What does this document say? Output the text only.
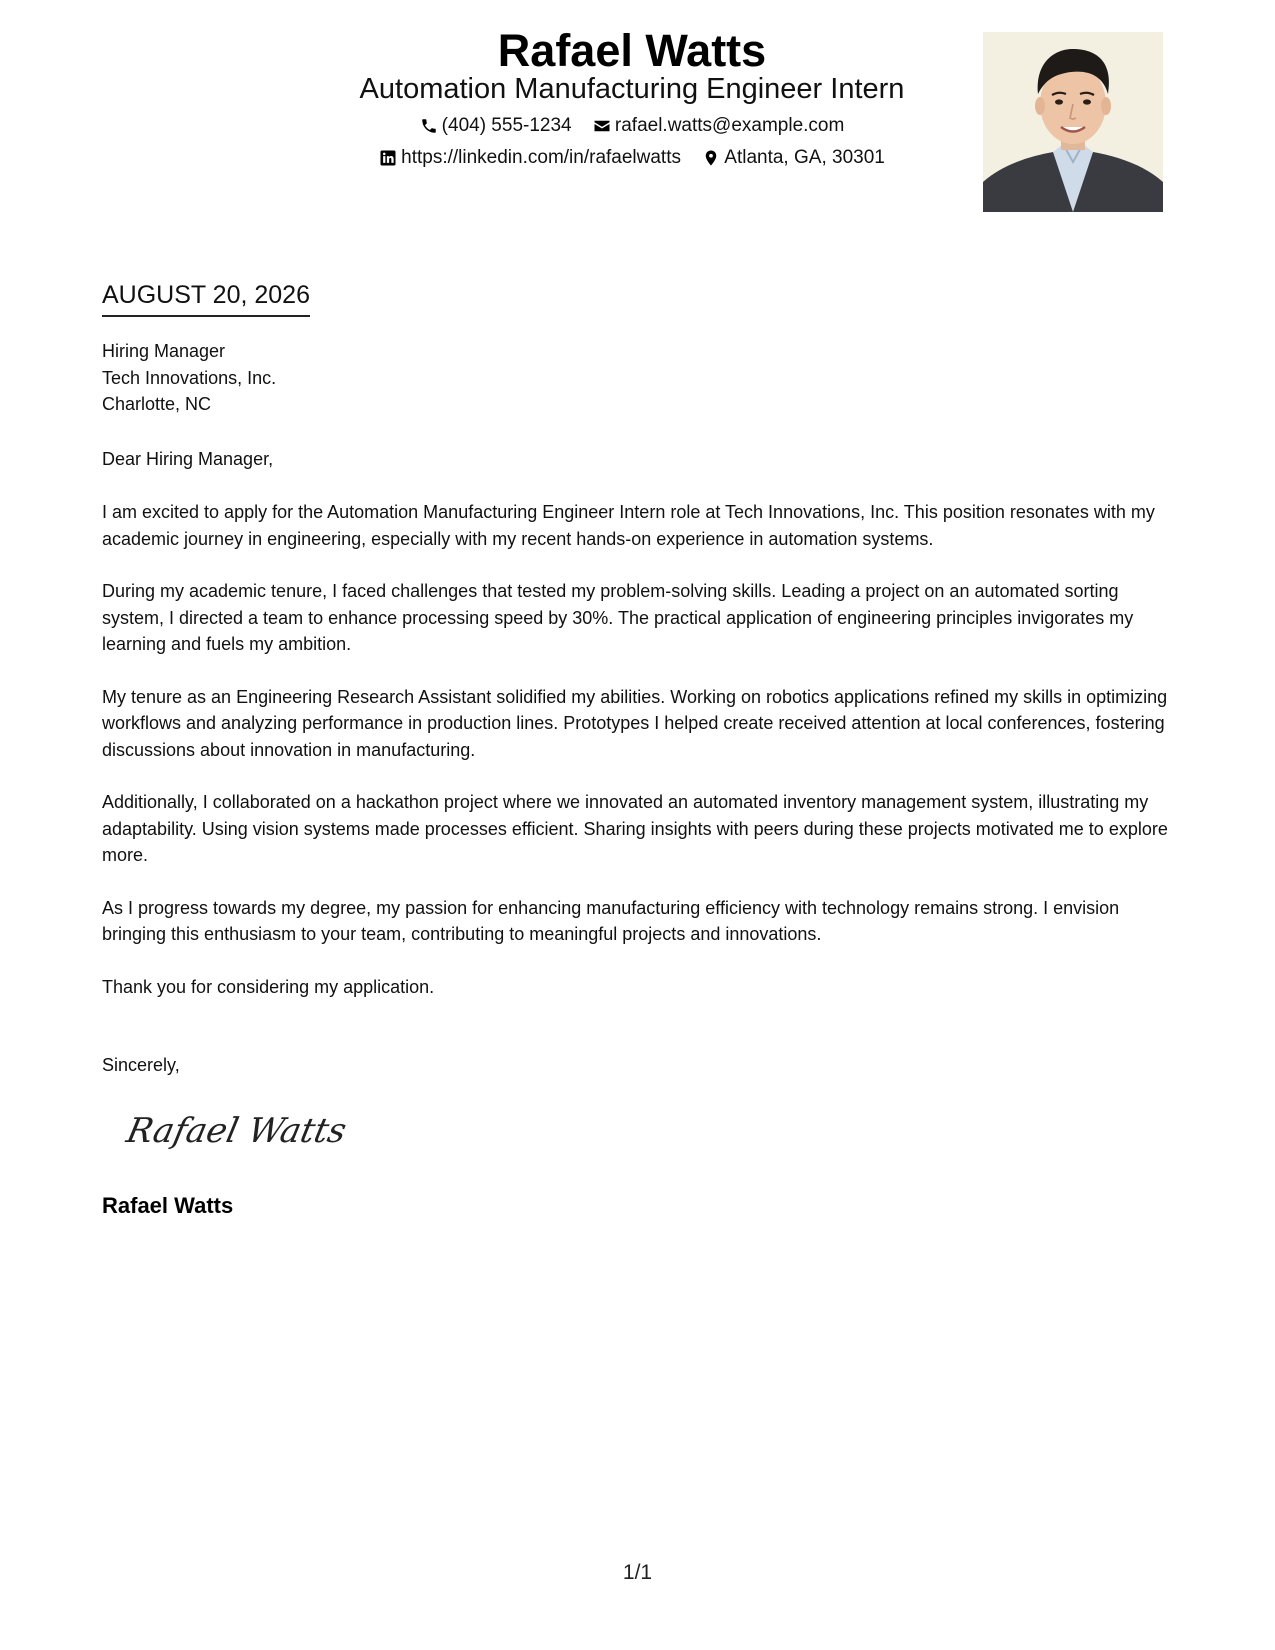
Rafael Watts
Automation Manufacturing Engineer Intern
(404) 555-1234
rafael.watts@example.com
https://linkedin.com/in/rafaelwatts
Atlanta, GA, 30301
AUGUST 20, 2026
Hiring Manager
Tech Innovations, Inc.
Charlotte, NC
Dear Hiring Manager,

I am excited to apply for the Automation Manufacturing Engineer Intern role at Tech Innovations, Inc. This position resonates with my academic journey in engineering, especially with my recent hands-on experience in automation systems.

During my academic tenure, I faced challenges that tested my problem-solving skills. Leading a project on an automated sorting system, I directed a team to enhance processing speed by 30%. The practical application of engineering principles invigorates my learning and fuels my ambition.

My tenure as an Engineering Research Assistant solidified my abilities. Working on robotics applications refined my skills in optimizing workflows and analyzing performance in production lines. Prototypes I helped create received attention at local conferences, fostering discussions about innovation in manufacturing.

Additionally, I collaborated on a hackathon project where we innovated an automated inventory management system, illustrating my adaptability. Using vision systems made processes efficient. Sharing insights with peers during these projects motivated me to explore more.

As I progress towards my degree, my passion for enhancing manufacturing efficiency with technology remains strong. I envision bringing this enthusiasm to your team, contributing to meaningful projects and innovations.

Thank you for considering my application.

Sincerely,
Rafael Watts
Rafael Watts
1/1
